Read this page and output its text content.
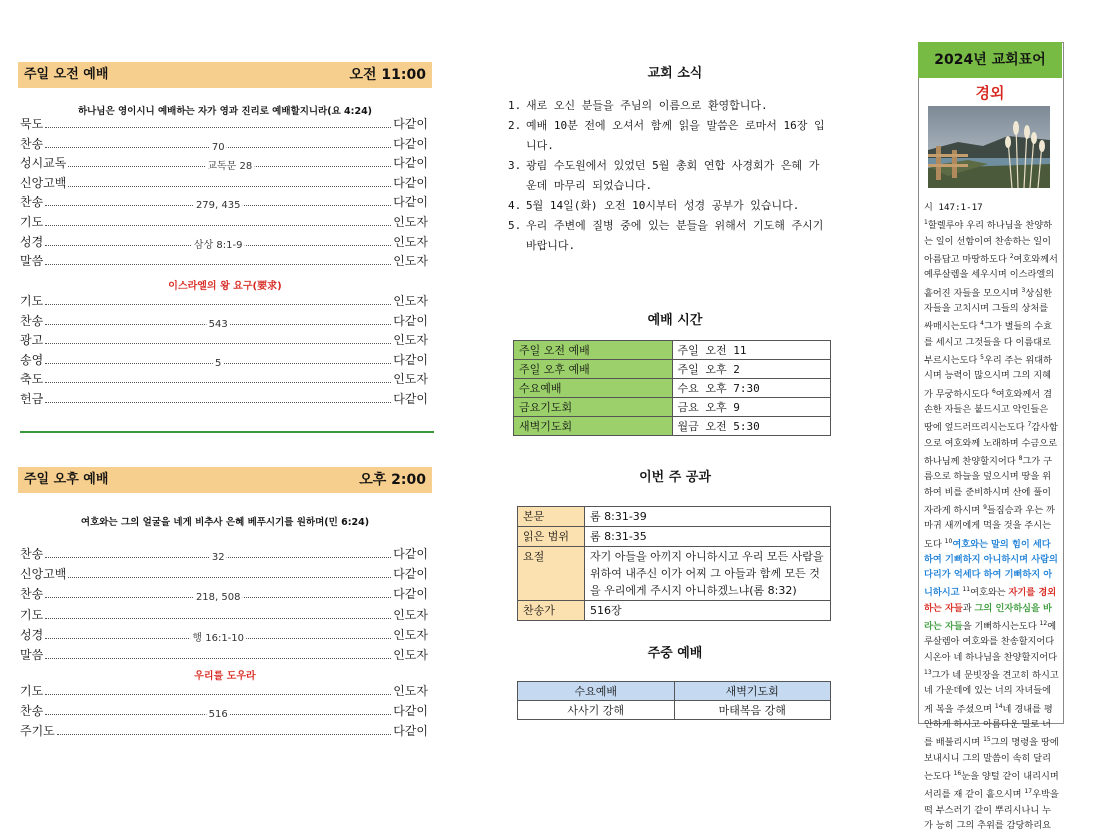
주일 오전 예배	오전 11:00
하나님은 영이시니 예배하는 자가 영과 진리로 예배할지니라(요 4:24)
묵도	다같이
찬송	70	다같이
성시교독	교독문 28	다같이
신앙고백	다같이
찬송	279, 435	다같이
기도	인도자
성경	삼상 8:1-9	인도자
말씀	인도자
이스라엘의 왕 요구(要求)
기도	인도자
찬송	543	다같이
광고	인도자
송영	5	다같이
축도	인도자
헌금	다같이
주일 오후 예배	오후 2:00
여호와는 그의 얼굴을 네게 비추사 은혜 베푸시기를 원하며(민 6:24)
찬송	32	다같이
신앙고백	다같이
찬송	218, 508	다같이
기도	인도자
성경	행 16:1-10	인도자
말씀	인도자
우리를 도우라
기도	인도자
찬송	516	다같이
주기도	다같이
교회 소식
1. 새로 오신 분들을 주님의 이름으로 환영합니다.
2. 예배 10분 전에 오셔서 함께 읽을 말씀은 로마서 16장 입니다.
3. 광림 수도원에서 있었던 5월 총회 연합 사경회가 은혜 가운데 마무리 되었습니다.
4. 5월 14일(화) 오전 10시부터 성경 공부가 있습니다.
5. 우리 주변에 질병 중에 있는 분들을 위해서 기도해 주시기 바랍니다.
예배 시간
주일 오전 예배	주일 오전 11
주일 오후 예배	주일 오후 2
수요예배	수요 오후 7:30
금요기도회	금요 오후 9
새벽기도회	월금 오전 5:30
이번 주 공과
본문	롬 8:31-39
읽은 범위	롬 8:31-35
요절	자기 아들을 아끼지 아니하시고 우리 모든 사람을 위하여 내주신 이가 어찌 그 아들과 함께 모든 것을 우리에게 주시지 아니하겠느냐(롬 8:32)
찬송가	516장
주중 예배
수요예배	새벽기도회
사사기 강해	마태복음 강해
2024년 교회표어
경외
시 147:1-17
$^1$할렐루야 우리 하나님을 찬양하는 일이 선함이여 찬송하는 일이 아름답고 마땅하도다 $^2$여호와께서 예루살렘을 세우시며 이스라엘의 흩어진 자들을 모으시며 $^3$상심한 자들을 고치시며 그들의 상처를 싸매시는도다 $^4$그가 별들의 수효를 세시고 그것들을 다 이름대로 부르시는도다 $^5$우리 주는 위대하시며 능력이 많으시며 그의 지혜가 무궁하시도다 $^6$여호와께서 겸손한 자들은 붙드시고 악인들은 땅에 엎드러뜨리시는도다 $^7$감사함으로 여호와께 노래하며 수금으로 하나님께 찬양할지어다 $^8$그가 구름으로 하늘을 덮으시며 땅을 위하여 비를 준비하시며 산에 풀이 자라게 하시며 $^9$들짐승과 우는 까마귀 새끼에게 먹을 것을 주시는도다 $^{10}$여호와는 말의 힘이 세다 하여 기뻐하지 아니하시며 사람의 다리가 억세다 하여 기뻐하지 아니하시고 $^{11}$여호와는 자기를 경외하는 자들과 그의 인자하심을 바라는 자들을 기뻐하시는도다 $^{12}$예루살렘아 여호와를 찬송할지어다 시온아 네 하나님을 찬양할지어다 $^{13}$그가 네 문빗장을 견고히 하시고 네 가운데에 있는 너의 자녀들에게 복을 주셨으며 $^{14}$네 경내를 평안하게 하시고 아름다운 밀로 너를 배불리시며 $^{15}$그의 명령을 땅에 보내시니 그의 말씀이 속히 달리는도다 $^{16}$눈을 양털 같이 내리시며 서리를 재 같이 흩으시며 $^{17}$우박을 떡 부스러기 같이 뿌리시나니 누가 능히 그의 추위를 감당하리요
